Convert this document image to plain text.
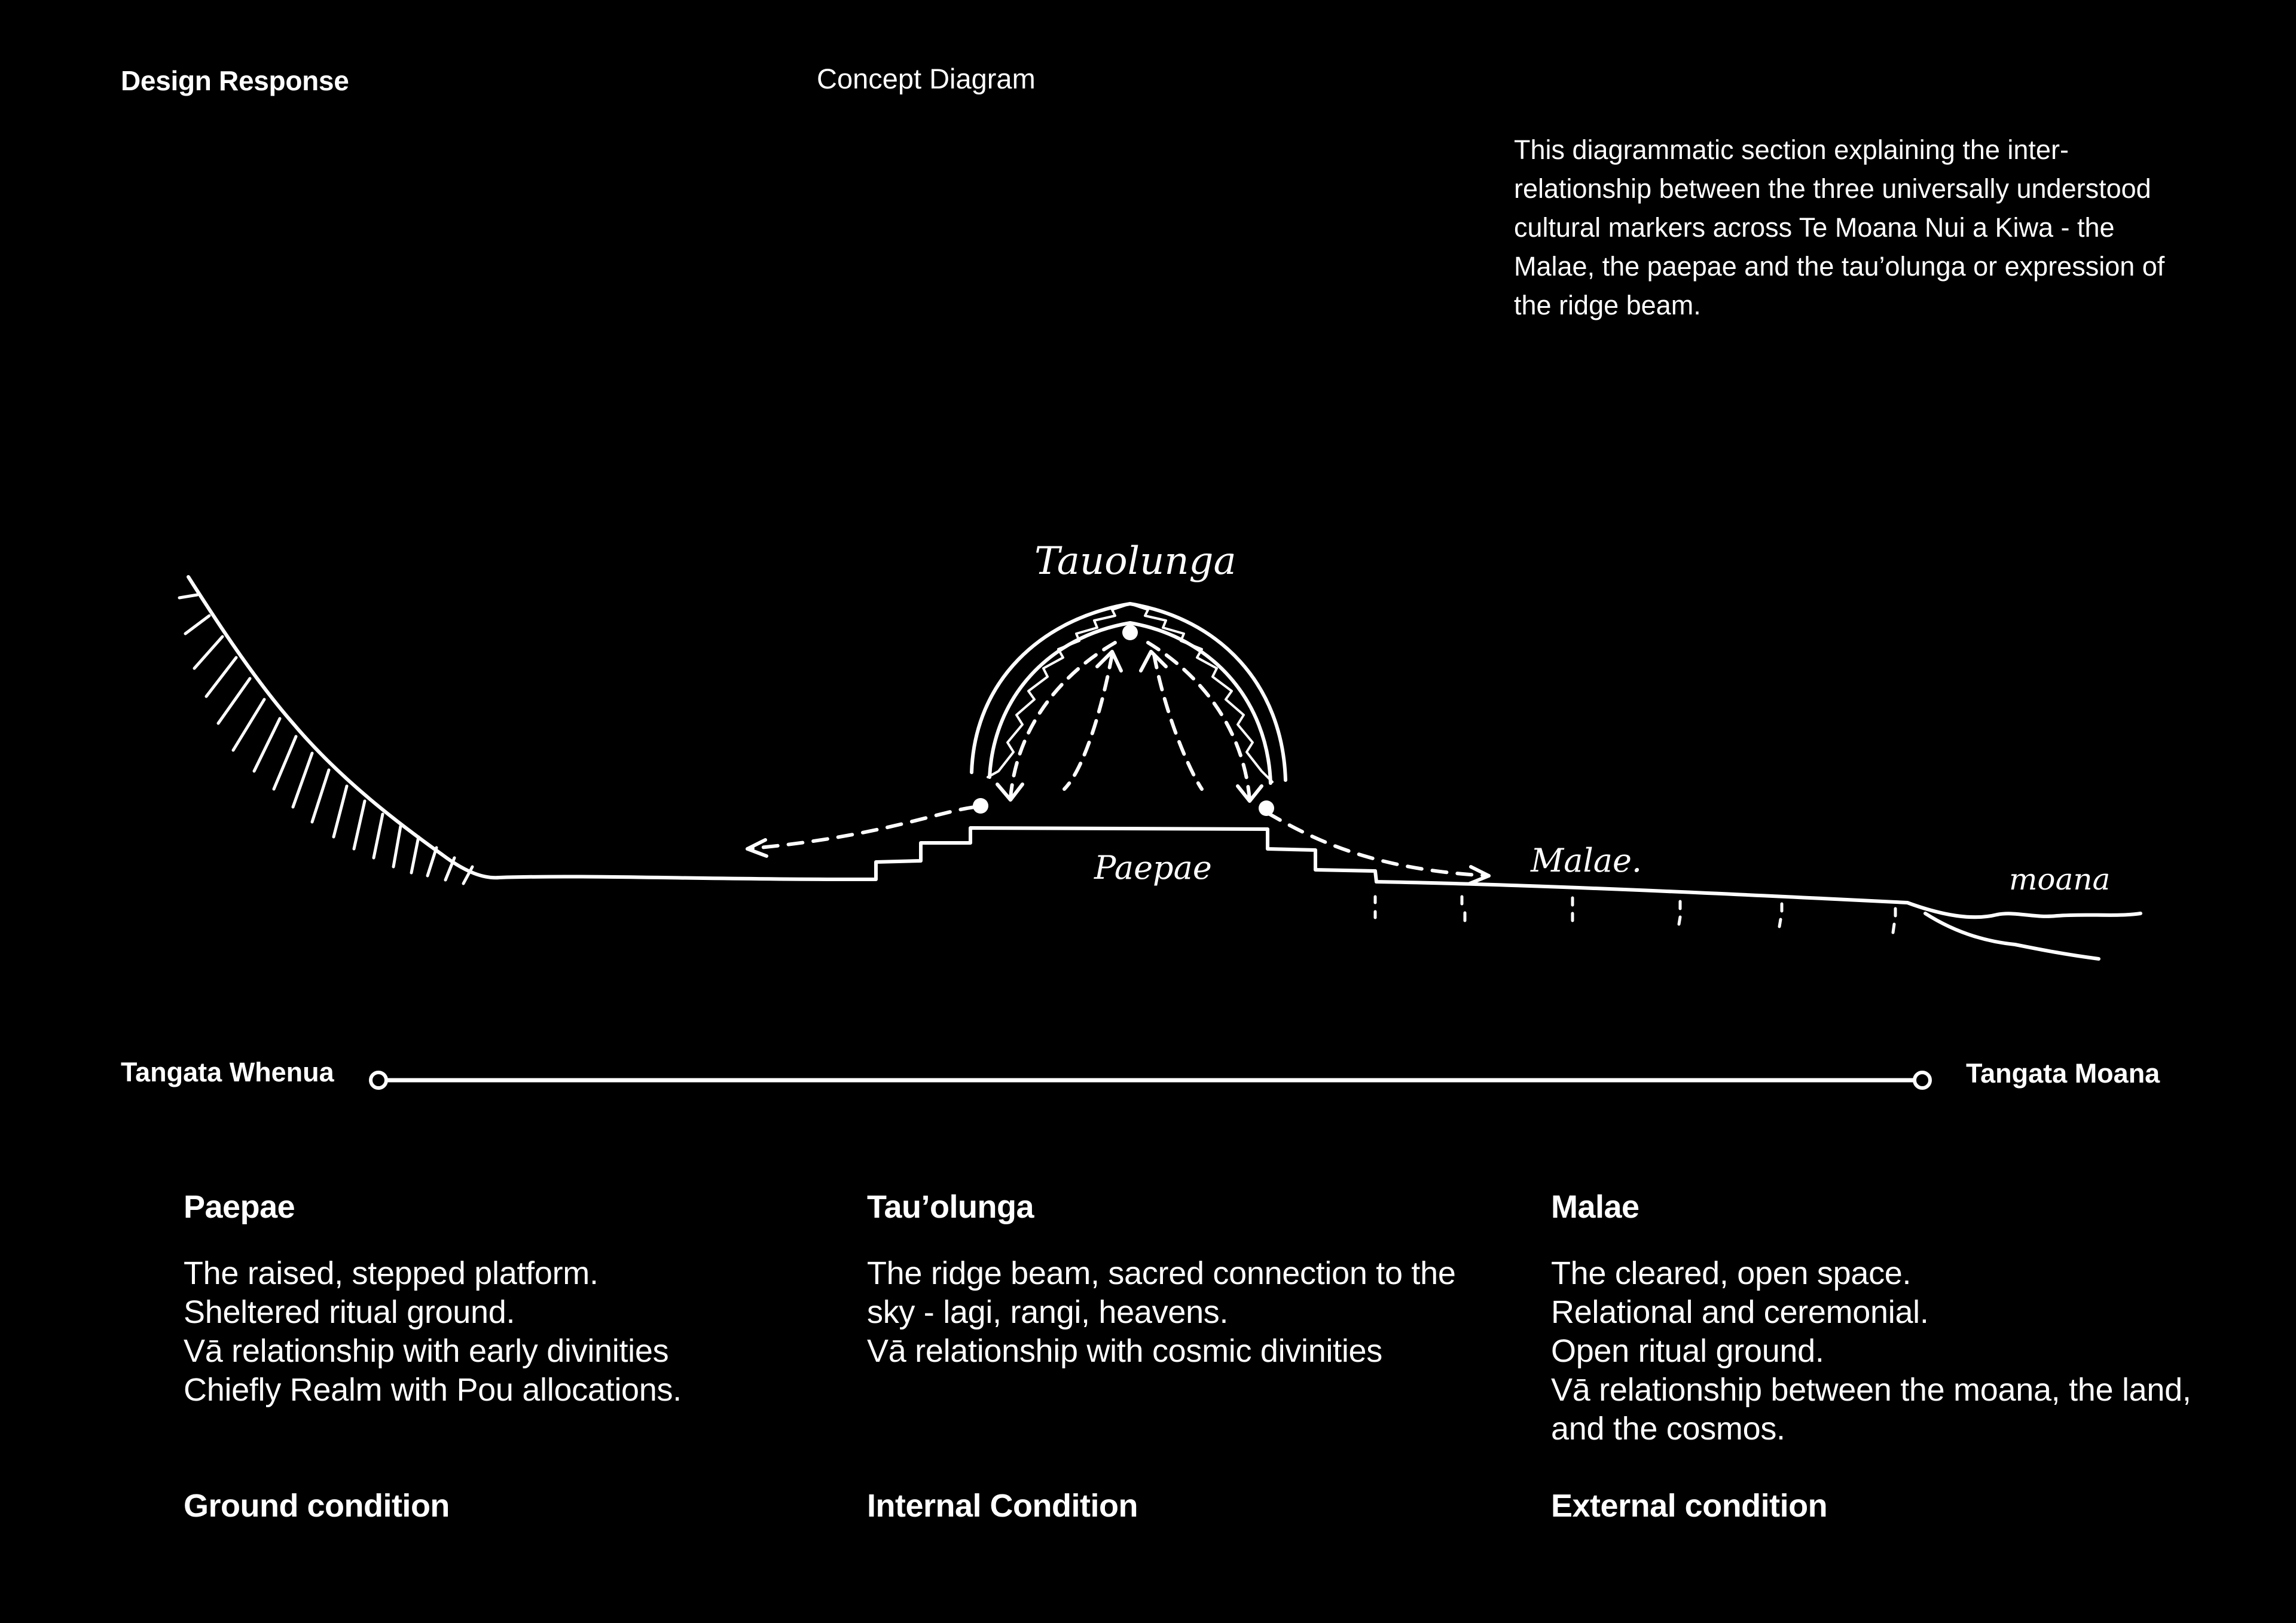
Design Response	Concept Diagram
This diagrammatic section explaining the inter-relationship between the three universally understood cultural markers across Te Moana Nui a Kiwa - the Malae, the paepae and the tau’olunga or expression of the ridge beam.
Tauolunga
Paepae	Malae.	moana
Tangata Whenua	Tangata Moana
Paepae
The raised, stepped platform.
Sheltered ritual ground.
Vā relationship with early divinities
Chiefly Realm with Pou allocations.
Ground condition
Tau’olunga
The ridge beam, sacred connection to the
sky - lagi, rangi, heavens.
Vā relationship with cosmic divinities
Internal Condition
Malae
The cleared, open space.
Relational and ceremonial.
Open ritual ground.
Vā relationship between the moana, the land, and the cosmos.
External condition
